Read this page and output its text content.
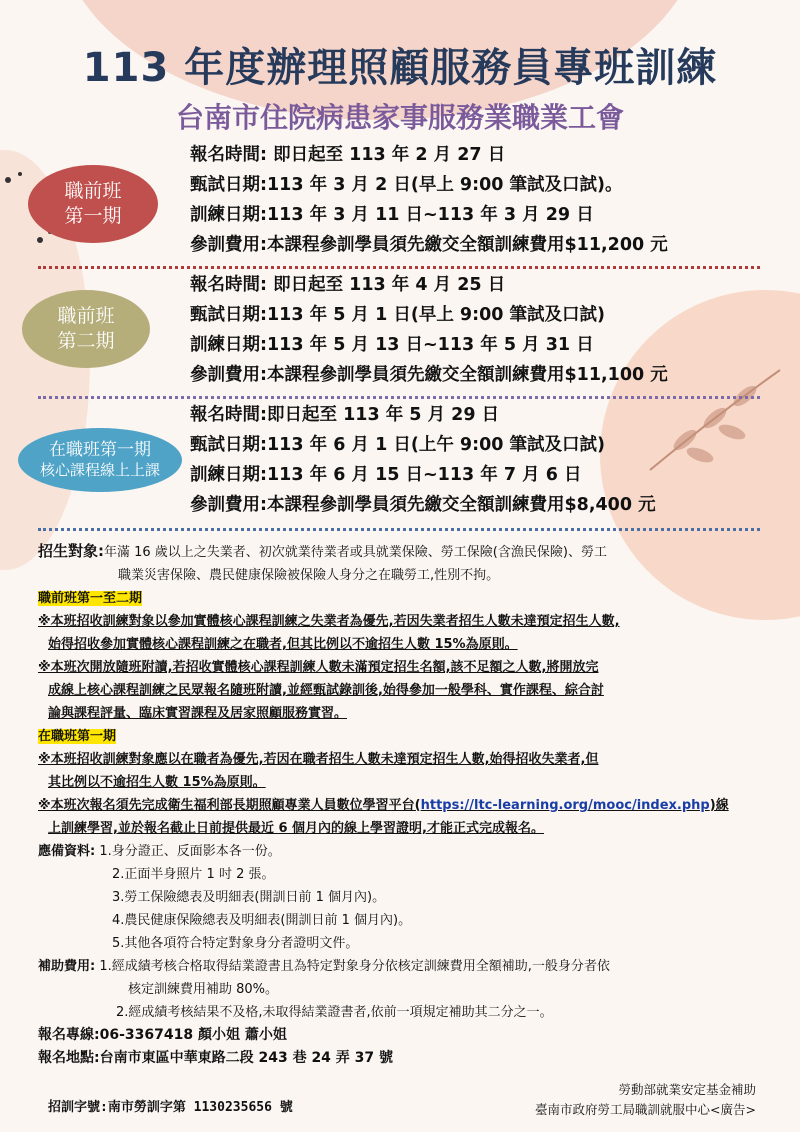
113 年度辦理照顧服務員專班訓練
台南市住院病患家事服務業職業工會
職前班
第一期
報名時間: 即日起至 113 年 2 月 27 日
甄試日期:113 年 3 月 2 日(早上 9:00 筆試及口試)。
訓練日期:113 年 3 月 11 日~113 年 3 月 29 日
參訓費用:本課程參訓學員須先繳交全額訓練費用$11,200 元
職前班
第二期
報名時間: 即日起至 113 年 4 月 25 日
甄試日期:113 年 5 月 1 日(早上 9:00 筆試及口試)
訓練日期:113 年 5 月 13 日~113 年 5 月 31 日
參訓費用:本課程參訓學員須先繳交全額訓練費用$11,100 元
在職班第一期
核心課程線上上課
報名時間:即日起至 113 年 5 月 29 日
甄試日期:113 年 6 月 1 日(上午 9:00 筆試及口試)
訓練日期:113 年 6 月 15 日~113 年 7 月 6 日
參訓費用:本課程參訓學員須先繳交全額訓練費用$8,400 元

招生對象:年滿 16 歲以上之失業者、初次就業待業者或具就業保險、勞工保險(含漁民保險)、勞工

職業災害保險、農民健康保險被保險人身分之在職勞工,性別不拘。

職前班第一至二期

※本班招收訓練對象以參加實體核心課程訓練之失業者為優先,若因失業者招生人數未達預定招生人數,

始得招收參加實體核心課程訓練之在職者,但其比例以不逾招生人數 15%為原則。

※本班次開放隨班附讀,若招收實體核心課程訓練人數未滿預定招生名額,該不足額之人數,將開放完

成線上核心課程訓練之民眾報名隨班附讀,並經甄試錄訓後,始得參加一般學科、實作課程、綜合討

論與課程評量、臨床實習課程及居家照顧服務實習。

在職班第一期

※本班招收訓練對象應以在職者為優先,若因在職者招生人數未達預定招生人數,始得招收失業者,但

其比例以不逾招生人數 15%為原則。

※本班次報名須先完成衛生福利部長期照顧專業人員數位學習平台(https://ltc-learning.org/mooc/index.php)線

上訓練學習,並於報名截止日前提供最近 6 個月內的線上學習證明,才能正式完成報名。

應備資料: 1.身分證正、反面影本各一份。

2.正面半身照片 1 吋 2 張。

3.勞工保險總表及明細表(開訓日前 1 個月內)。

4.農民健康保險總表及明細表(開訓日前 1 個月內)。

5.其他各項符合特定對象身分者證明文件。

補助費用: 1.經成績考核合格取得結業證書且為特定對象身分依核定訓練費用全額補助,一般身分者依

核定訓練費用補助 80%。

2.經成績考核結果不及格,未取得結業證書者,依前一項規定補助其二分之一。

報名專線:06-3367418 顏小姐 蕭小姐

報名地點:台南市東區中華東路二段 243 巷 24 弄 37 號

招訓字號:南市勞訓字第 1130235656 號
勞動部就業安定基金補助
臺南市政府勞工局職訓就服中心<廣告>
